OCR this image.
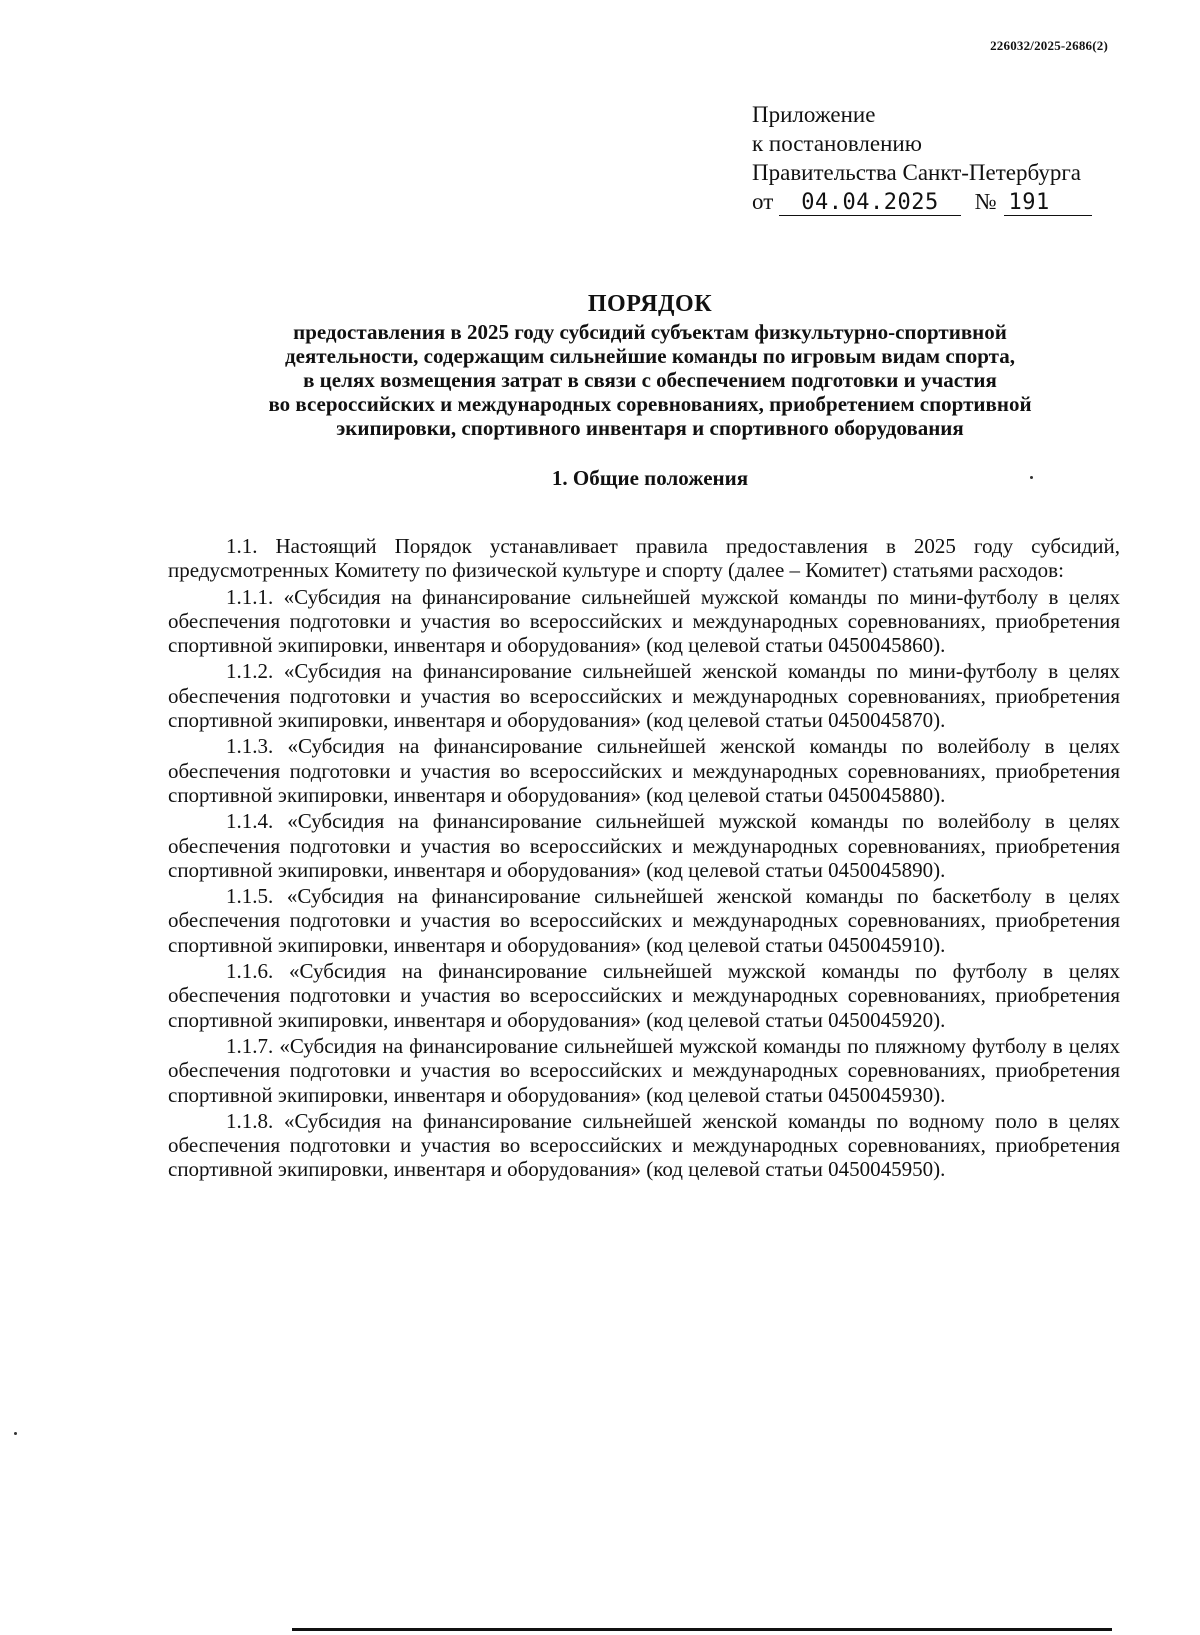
226032/2025-2686(2)
Приложение
к постановлению
Правительства Санкт-Петербурга
от 04.04.2025 № 191
ПОРЯДОК
предоставления в 2025 году субсидий субъектам физкультурно-спортивной
деятельности, содержащим сильнейшие команды по игровым видам спорта,
в целях возмещения затрат в связи с обеспечением подготовки и участия
во всероссийских и международных соревнованиях, приобретением спортивной
экипировки, спортивного инвентаря и спортивного оборудования
1. Общие положения

1.1. Настоящий Порядок устанавливает правила предоставления в 2025 году субсидий, предусмотренных Комитету по физической культуре и спорту (далее – Комитет) статьями расходов:

1.1.1. «Субсидия на финансирование сильнейшей мужской команды по мини-футболу в целях обеспечения подготовки и участия во всероссийских и международных соревнованиях, приобретения спортивной экипировки, инвентаря и оборудования» (код целевой статьи 0450045860).

1.1.2. «Субсидия на финансирование сильнейшей женской команды по мини-футболу в целях обеспечения подготовки и участия во всероссийских и международных соревнованиях, приобретения спортивной экипировки, инвентаря и оборудования» (код целевой статьи 0450045870).

1.1.3. «Субсидия на финансирование сильнейшей женской команды по волейболу в целях обеспечения подготовки и участия во всероссийских и международных соревнованиях, приобретения спортивной экипировки, инвентаря и оборудования» (код целевой статьи 0450045880).

1.1.4. «Субсидия на финансирование сильнейшей мужской команды по волейболу в целях обеспечения подготовки и участия во всероссийских и международных соревнованиях, приобретения спортивной экипировки, инвентаря и оборудования» (код целевой статьи 0450045890).

1.1.5. «Субсидия на финансирование сильнейшей женской команды по баскетболу в целях обеспечения подготовки и участия во всероссийских и международных соревнованиях, приобретения спортивной экипировки, инвентаря и оборудования» (код целевой статьи 0450045910).

1.1.6. «Субсидия на финансирование сильнейшей мужской команды по футболу в целях обеспечения подготовки и участия во всероссийских и международных соревнованиях, приобретения спортивной экипировки, инвентаря и оборудования» (код целевой статьи 0450045920).

1.1.7. «Субсидия на финансирование сильнейшей мужской команды по пляжному футболу в целях обеспечения подготовки и участия во всероссийских и международных соревнованиях, приобретения спортивной экипировки, инвентаря и оборудования» (код целевой статьи 0450045930).

1.1.8. «Субсидия на финансирование сильнейшей женской команды по водному поло в целях обеспечения подготовки и участия во всероссийских и международных соревнованиях, приобретения спортивной экипировки, инвентаря и оборудования» (код целевой статьи 0450045950).
